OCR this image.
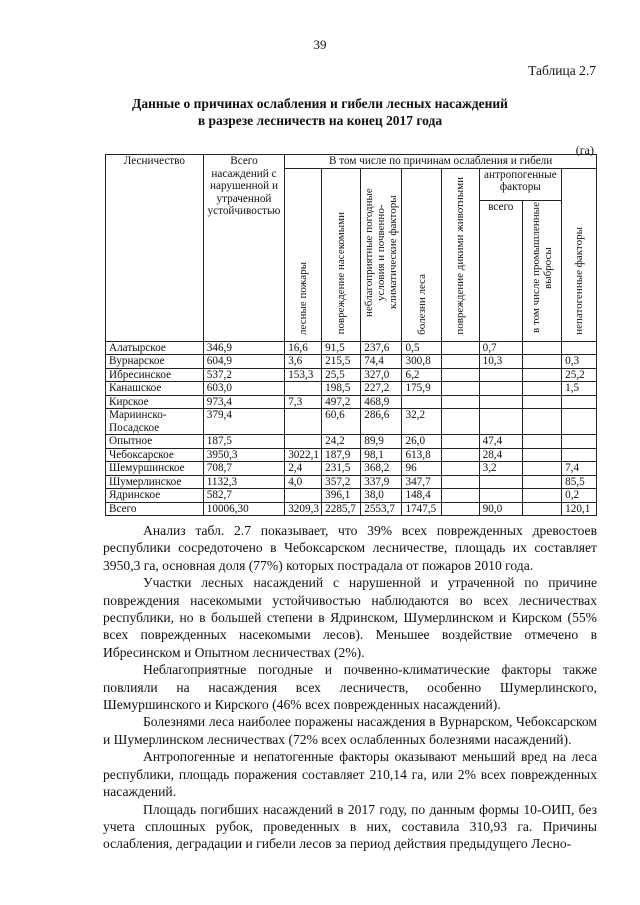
39
Таблица 2.7
Данные о причинах ослабления и гибели лесных насаждений
в разрезе лесничеств на конец 2017 года
(га)
Лесничество	Всего насаждений с нарушенной и утраченной устойчивостью	В том числе по причинам ослабления и гибели							

		лесные пожары	повреждение насекомыми	неблагоприятные погодные условия и почвенно-климатические факторы	болезни леса	повреждение дикими животными	антропогенные факторы		непатогенные факторы

							всего	в том числе промышленные выбросы	

Алатырское	346,9	16,6	91,5	237,6	0,5		0,7		
Вурнарское	604,9	3,6	215,5	74,4	300,8		10,3		0,3
Ибресинское	537,2	153,3	25,5	327,0	6,2				25,2
Канашское	603,0		198,5	227,2	175,9				1,5
Кирское	973,4	7,3	497,2	468,9					
Мариинско-Посадское	379,4		60,6	286,6	32,2				
Опытное	187,5		24,2	89,9	26,0		47,4		
Чебоксарское	3950,3	3022,1	187,9	98,1	613,8		28,4		
Шемуршинское	708,7	2,4	231,5	368,2	96		3,2		7,4
Шумерлинское	1132,3	4,0	357,2	337,9	347,7				85,5
Ядринское	582,7		396,1	38,0	148,4				0,2
Всего	10006,30	3209,3	2285,7	2553,7	1747,5		90,0		120,1

Анализ табл. 2.7 показывает, что 39% всех поврежденных древостоев республики сосредоточено в Чебоксарском лесничестве, площадь их составляет 3950,3 га, основная доля (77%) которых пострадала от пожаров 2010 года.

Участки лесных насаждений с нарушенной и утраченной по причине повреждения насекомыми устойчивостью наблюдаются во всех лесничествах республики, но в большей степени в Ядринском, Шумерлинском и Кирском (55% всех поврежденных насекомыми лесов). Меньшее воздействие отмечено в Ибресинском и Опытном лесничествах (2%).

Неблагоприятные погодные и почвенно-климатические факторы также повлияли на насаждения всех лесничеств, особенно Шумерлинского, Шемуршинского и Кирского (46% всех поврежденных насаждений).

Болезнями леса наиболее поражены насаждения в Вурнарском, Чебоксарском и Шумерлинском лесничествах (72% всех ослабленных болезнями насаждений).

Антропогенные и непатогенные факторы оказывают меньший вред на леса республики, площадь поражения составляет 210,14 га, или 2% всех поврежденных насаждений.

Площадь погибших насаждений в 2017 году, по данным формы 10-ОИП, без учета сплошных рубок, проведенных в них, составила 310,93 га. Причины ослабления, деградации и гибели лесов за период действия предыдущего Лесно-
